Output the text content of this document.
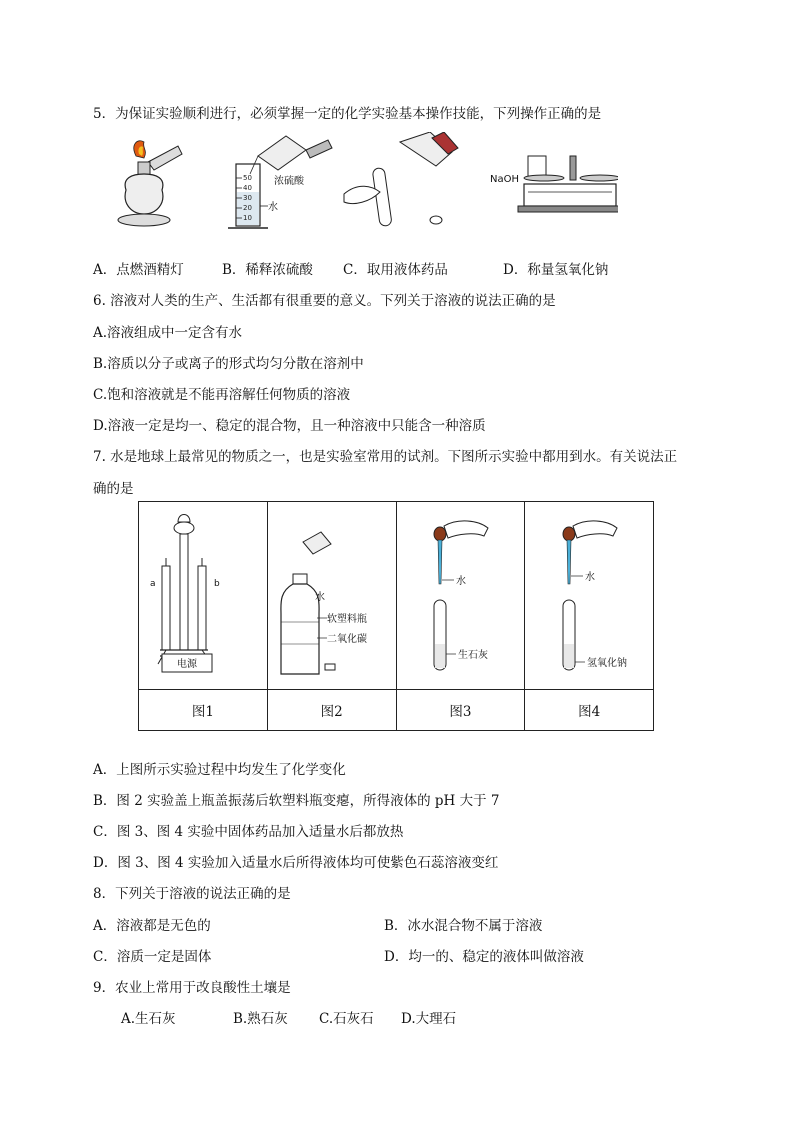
5．为保证实验顺利进行，必须掌握一定的化学实验基本操作技能，下列操作正确的是
50
40
30
20
10
浓硫酸
水
NaOH
A．点燃酒精灯	B．稀释浓硫酸 C．取用液体药品	D．称量氢氧化钠
6. 溶液对人类的生产、生活都有很重要的意义。下列关于溶液的说法正确的是
A.溶液组成中一定含有水
B.溶质以分子或离子的形式均匀分散在溶剂中
C.饱和溶液就是不能再溶解任何物质的溶液
D.溶液一定是均一、稳定的混合物，且一种溶液中只能含一种溶质
7. 水是地球上最常见的物质之一，也是实验室常用的试剂。下图所示实验中都用到水。有关说法正
确的是
电源
a b	水
软塑料瓶
二氧化碳	水
生石灰	水
氢氧化钠

图1	图2	图3	图4
A．上图所示实验过程中均发生了化学变化
B．图 2 实验盖上瓶盖振荡后软塑料瓶变瘪，所得液体的 pH 大于 7
C．图 3、图 4 实验中固体药品加入适量水后都放热
D．图 3、图 4 实验加入适量水后所得液体均可使紫色石蕊溶液变红
8．下列关于溶液的说法正确的是
A．溶液都是无色的	B．冰水混合物不属于溶液
C．溶质一定是固体	D．均一的、稳定的液体叫做溶液
9．农业上常用于改良酸性土壤是
A.生石灰	B.熟石灰 C.石灰石 D.大理石
